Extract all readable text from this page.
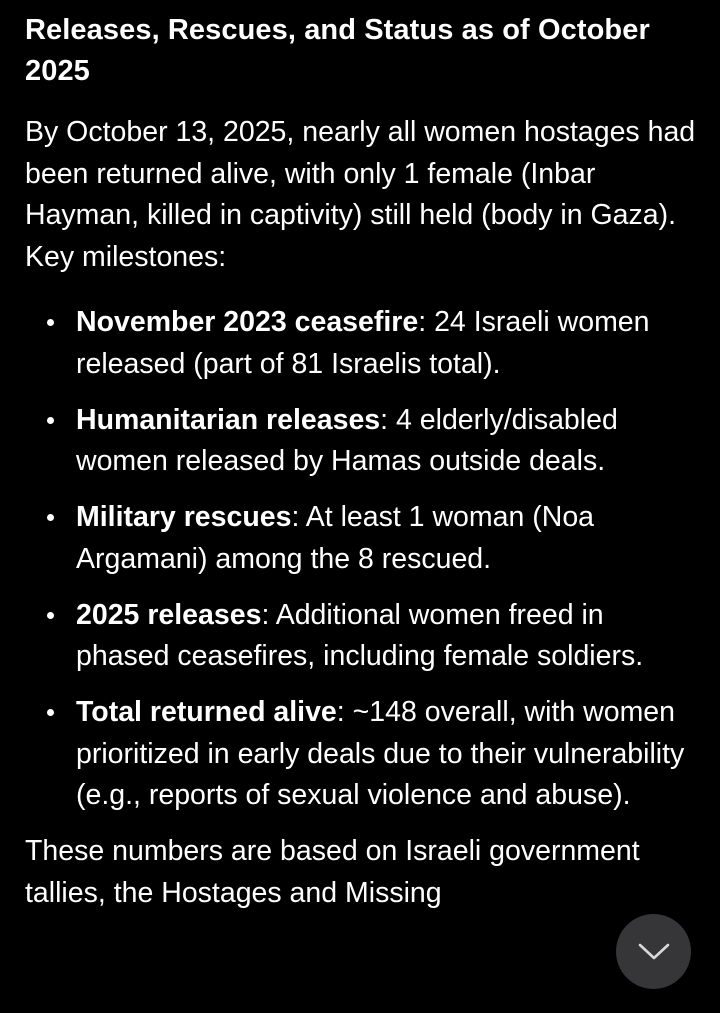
Releases, Rescues, and Status as of October 2025

By October 13, 2025, nearly all women hostages had been returned alive, with only 1 female (Inbar Hayman, killed in captivity) still held (body in Gaza). Key milestones:

November 2023 ceasefire: 24 Israeli women released (part of 81 Israelis total).
Humanitarian releases: 4 elderly/disabled women released by Hamas outside deals.
Military rescues: At least 1 woman (Noa Argamani) among the 8 rescued.
2025 releases: Additional women freed in phased ceasefires, including female soldiers.
Total returned alive: ~148 overall, with women prioritized in early deals due to their vulnerability (e.g., reports of sexual violence and abuse).

These numbers are based on Israeli government tallies, the Hostages and Missing
